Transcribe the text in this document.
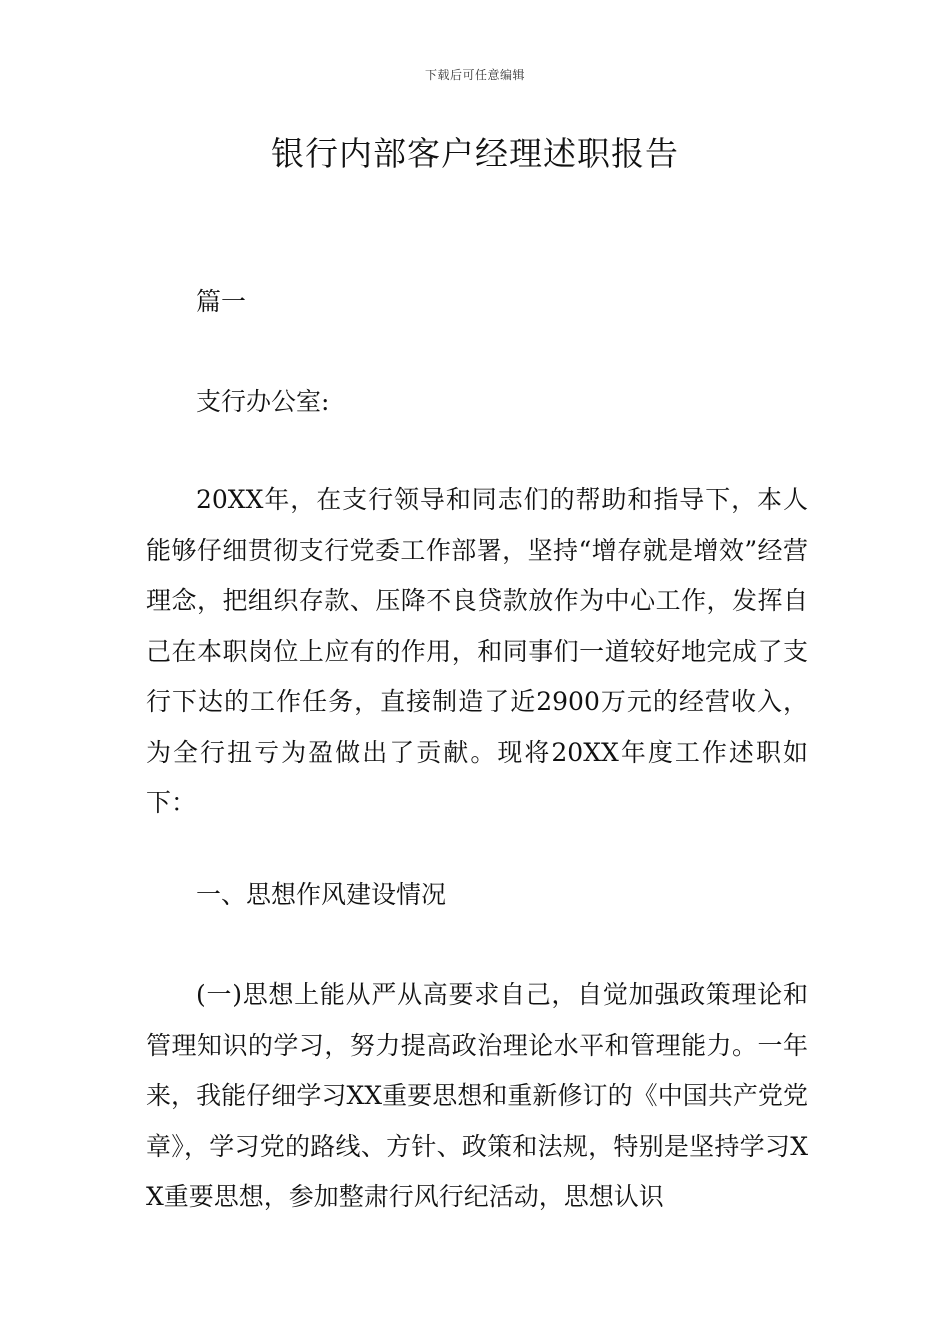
下载后可任意编辑
银行内部客户经理述职报告

篇一

支行办公室:

20XX年，在支行领导和同志们的帮助和指导下，本人能够仔细贯彻支行党委工作部署，坚持“增存就是增效”经营理念，把组织存款、压降不良贷款放作为中心工作，发挥自己在本职岗位上应有的作用，和同事们一道较好地完成了支行下达的工作任务，直接制造了近2900万元的经营收入，为全行扭亏为盈做出了贡献。现将20XX年度工作述职如下：

一、思想作风建设情况

(一)思想上能从严从高要求自己，自觉加强政策理论和管理知识的学习，努力提高政治理论水平和管理能力。一年来，我能仔细学习XX重要思想和重新修订的《中国共产党党章》，学习党的路线、方针、政策和法规，特别是坚持学习XX重要思想，参加整肃行风行纪活动，思想认识
